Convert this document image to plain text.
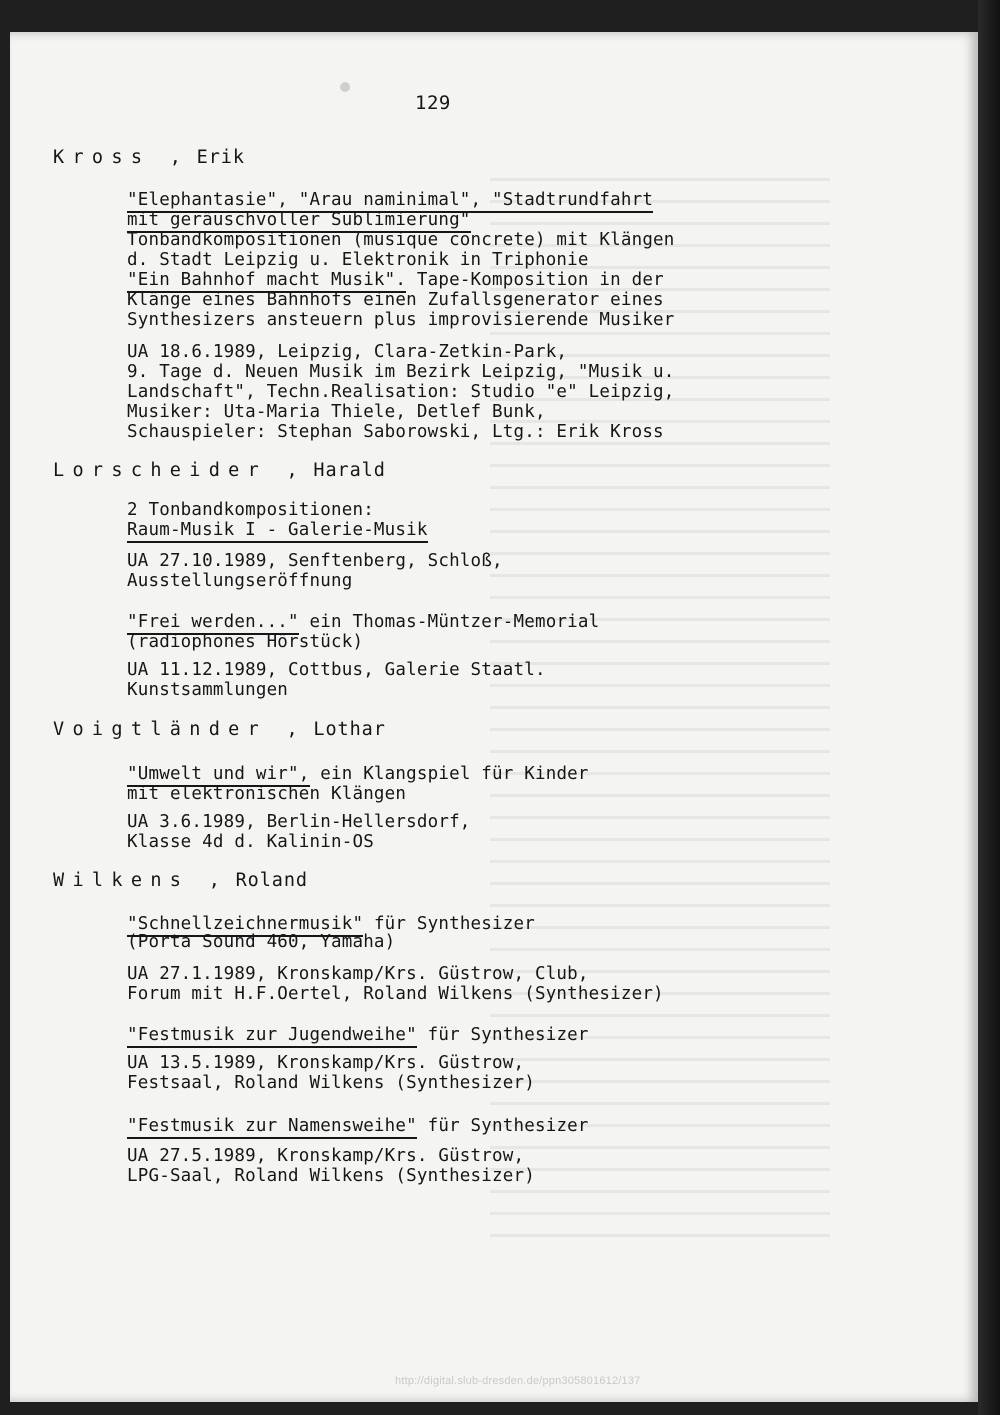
129
Kross , Erik
"Elephantasie", "Arau naminimal", "Stadtrundfahrt
mit geräuschvoller Sublimierung"
Tonbandkompositionen (musique concrete) mit Klängen
d. Stadt Leipzig u. Elektronik in Triphonie
"Ein Bahnhof macht Musik". Tape-Komposition in der
Klänge eines Bahnhofs einen Zufallsgenerator eines
Synthesizers ansteuern plus improvisierende Musiker
UA 18.6.1989, Leipzig, Clara-Zetkin-Park,
9. Tage d. Neuen Musik im Bezirk Leipzig, "Musik u.
Landschaft", Techn.Realisation: Studio "e" Leipzig,
Musiker: Uta-Maria Thiele, Detlef Bunk,
Schauspieler: Stephan Saborowski, Ltg.: Erik Kross
Lorscheider , Harald
2 Tonbandkompositionen:
Raum-Musik I - Galerie-Musik
UA 27.10.1989, Senftenberg, Schloß,
Ausstellungseröffnung
"Frei werden..." ein Thomas-Müntzer-Memorial
(radiophones Hörstück)
UA 11.12.1989, Cottbus, Galerie Staatl.
Kunstsammlungen
Voigtländer , Lothar
"Umwelt und wir", ein Klangspiel für Kinder
mit elektronischen Klängen
UA 3.6.1989, Berlin-Hellersdorf,
Klasse 4d d. Kalinin-OS
Wilkens , Roland
"Schnellzeichnermusik" für Synthesizer
(Porta Sound 460, Yamaha)
UA 27.1.1989, Kronskamp/Krs. Güstrow, Club,
Forum mit H.F.Oertel, Roland Wilkens (Synthesizer)
"Festmusik zur Jugendweihe" für Synthesizer
UA 13.5.1989, Kronskamp/Krs. Güstrow,
Festsaal, Roland Wilkens (Synthesizer)
"Festmusik zur Namensweihe" für Synthesizer
UA 27.5.1989, Kronskamp/Krs. Güstrow,
LPG-Saal, Roland Wilkens (Synthesizer)
http://digital.slub-dresden.de/ppn305801612/137
